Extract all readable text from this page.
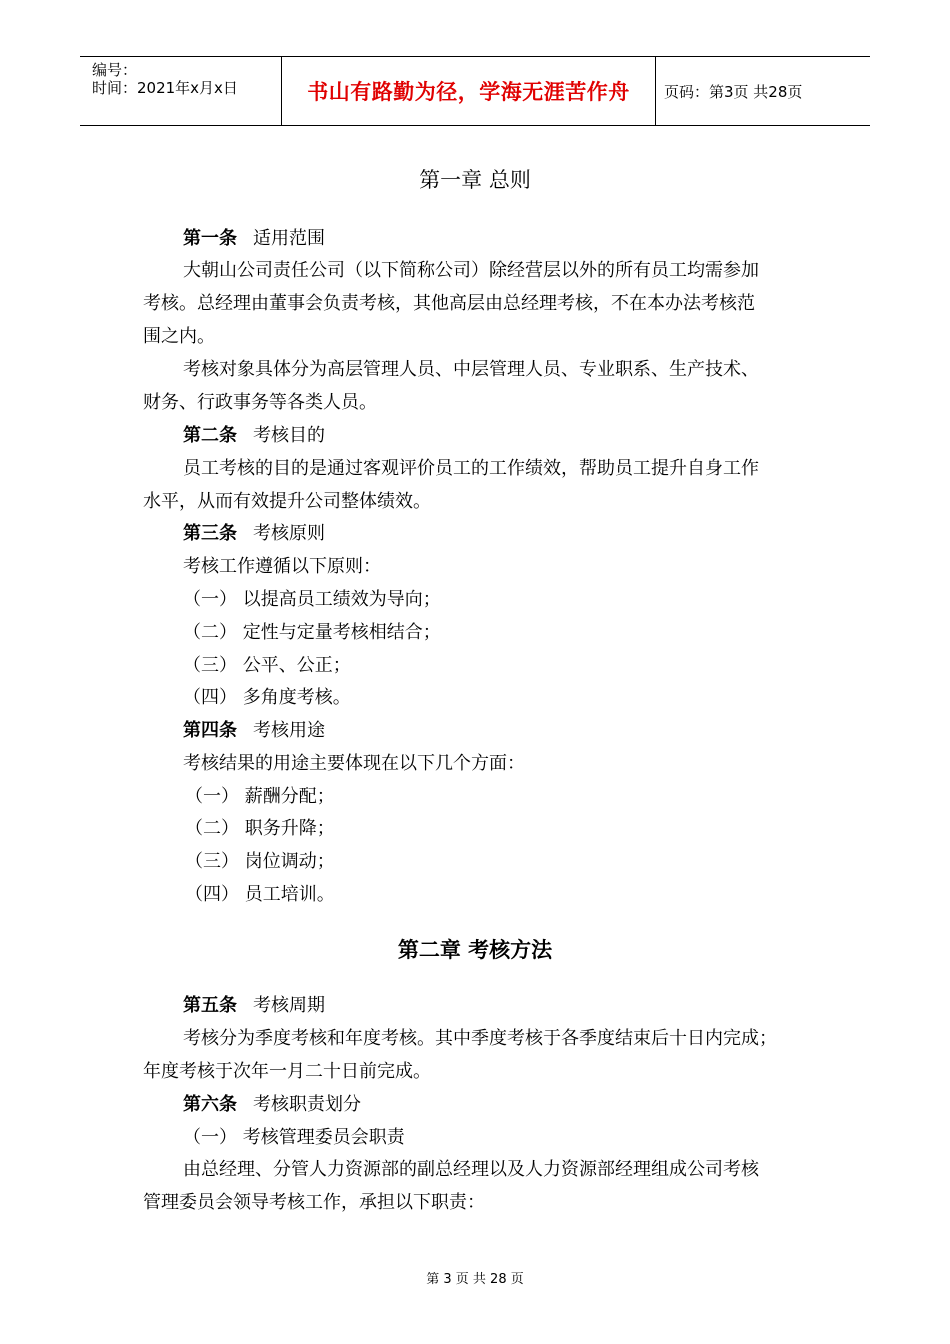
编号：
时间：2021年x月x日	书山有路勤为径，学海无涯苦作舟	页码：第3页 共28页
第一章 总则
第一条 适用范围
大朝山公司责任公司（以下简称公司）除经营层以外的所有员工均需参加
考核。总经理由董事会负责考核，其他高层由总经理考核，不在本办法考核范
围之内。
考核对象具体分为高层管理人员、中层管理人员、专业职系、生产技术、
财务、行政事务等各类人员。
第二条 考核目的
员工考核的目的是通过客观评价员工的工作绩效，帮助员工提升自身工作
水平，从而有效提升公司整体绩效。
第三条 考核原则
考核工作遵循以下原则：
（一） 以提高员工绩效为导向；
（二） 定性与定量考核相结合；
（三） 公平、公正；
（四） 多角度考核。
第四条 考核用途
考核结果的用途主要体现在以下几个方面：
（一） 薪酬分配；
（二） 职务升降；
（三） 岗位调动；
（四） 员工培训。
第二章 考核方法
第五条 考核周期
考核分为季度考核和年度考核。其中季度考核于各季度结束后十日内完成；
年度考核于次年一月二十日前完成。
第六条 考核职责划分
（一） 考核管理委员会职责
由总经理、分管人力资源部的副总经理以及人力资源部经理组成公司考核
管理委员会领导考核工作，承担以下职责：
第 3 页 共 28 页
